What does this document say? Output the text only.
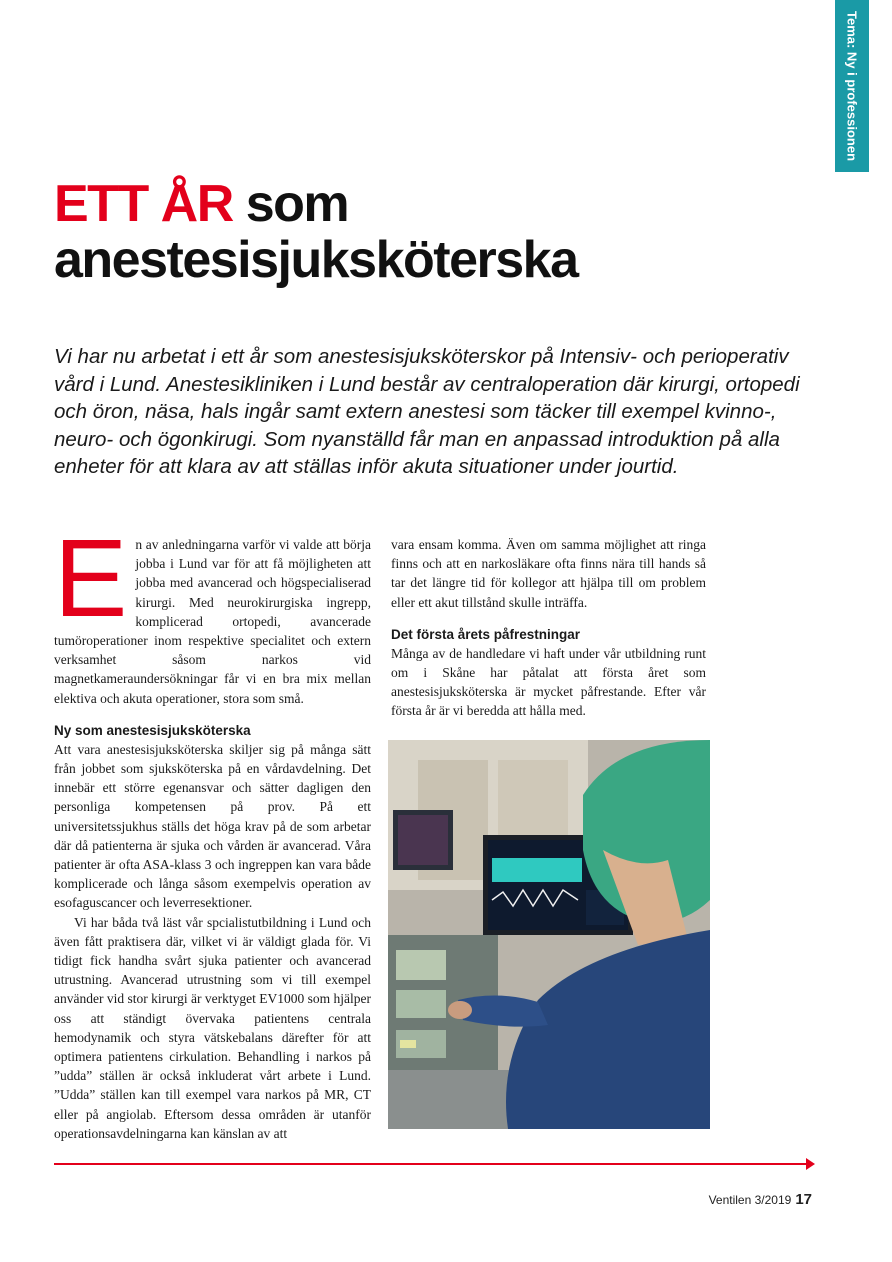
Tema: Ny i professionen
ETT ÅR som
anestesisjuksköterska

Vi har nu arbetat i ett år som anestesisjuksköterskor på Intensiv- och perioperativ vård i Lund. Anestesikliniken i Lund består av centraloperation där kirurgi, ortopedi och öron, näsa, hals ingår samt extern anestesi som täcker till exempel kvinno-, neuro- och ögonkirugi. Som nyanställd får man en anpassad introduktion på alla enheter för att klara av att ställas inför akuta situationer under jourtid.

En av anledningarna varför vi valde att börja jobba i Lund var för att få möjligheten att jobba med avancerad och högspecialiserad kirurgi. Med neurokirurgiska ingrepp, komplicerad ortopedi, avancerade tumöroperationer inom respektive specialitet och extern verksamhet såsom narkos vid magnetkameraundersökningar får vi en bra mix mellan elektiva och akuta operationer, stora som små.

Ny som anestesisjuksköterska

Att vara anestesisjuksköterska skiljer sig på många sätt från jobbet som sjuksköterska på en vårdavdelning. Det innebär ett större egenansvar och sätter dagligen den personliga kompetensen på prov. På ett universitetssjukhus ställs det höga krav på de som arbetar där då patienterna är sjuka och vården är avancerad. Våra patienter är ofta ASA-klass 3 och ingreppen kan vara både komplicerade och långa såsom exempelvis operation av esofaguscancer och leverresektioner.

Vi har båda två läst vår spcialistutbildning i Lund och även fått praktisera där, vilket vi är väldigt glada för. Vi tidigt fick handha svårt sjuka patienter och avancerad utrustning. Avancerad utrustning som vi till exempel använder vid stor kirurgi är verktyget EV1000 som hjälper oss att ständigt övervaka patientens centrala hemodynamik och styra vätskebalans därefter för att optimera patientens cirkulation. Behandling i narkos på ”udda” ställen är också inkluderat vårt arbete i Lund. ”Udda” ställen kan till exempel vara narkos på MR, CT eller på angiolab. Eftersom dessa områden är utanför operationsavdelningarna kan känslan av att

vara ensam komma. Även om samma möjlighet att ringa finns och att en narkosläkare ofta finns nära till hands så tar det längre tid för kollegor att hjälpa till om problem eller ett akut tillstånd skulle inträffa.

Det första årets påfrestningar

Många av de handledare vi haft under vår utbildning runt om i Skåne har påtalat att första året som anestesisjuksköterska är mycket påfrestande. Efter vår första år är vi beredda att hålla med.

Ventilen 3/2019 17
